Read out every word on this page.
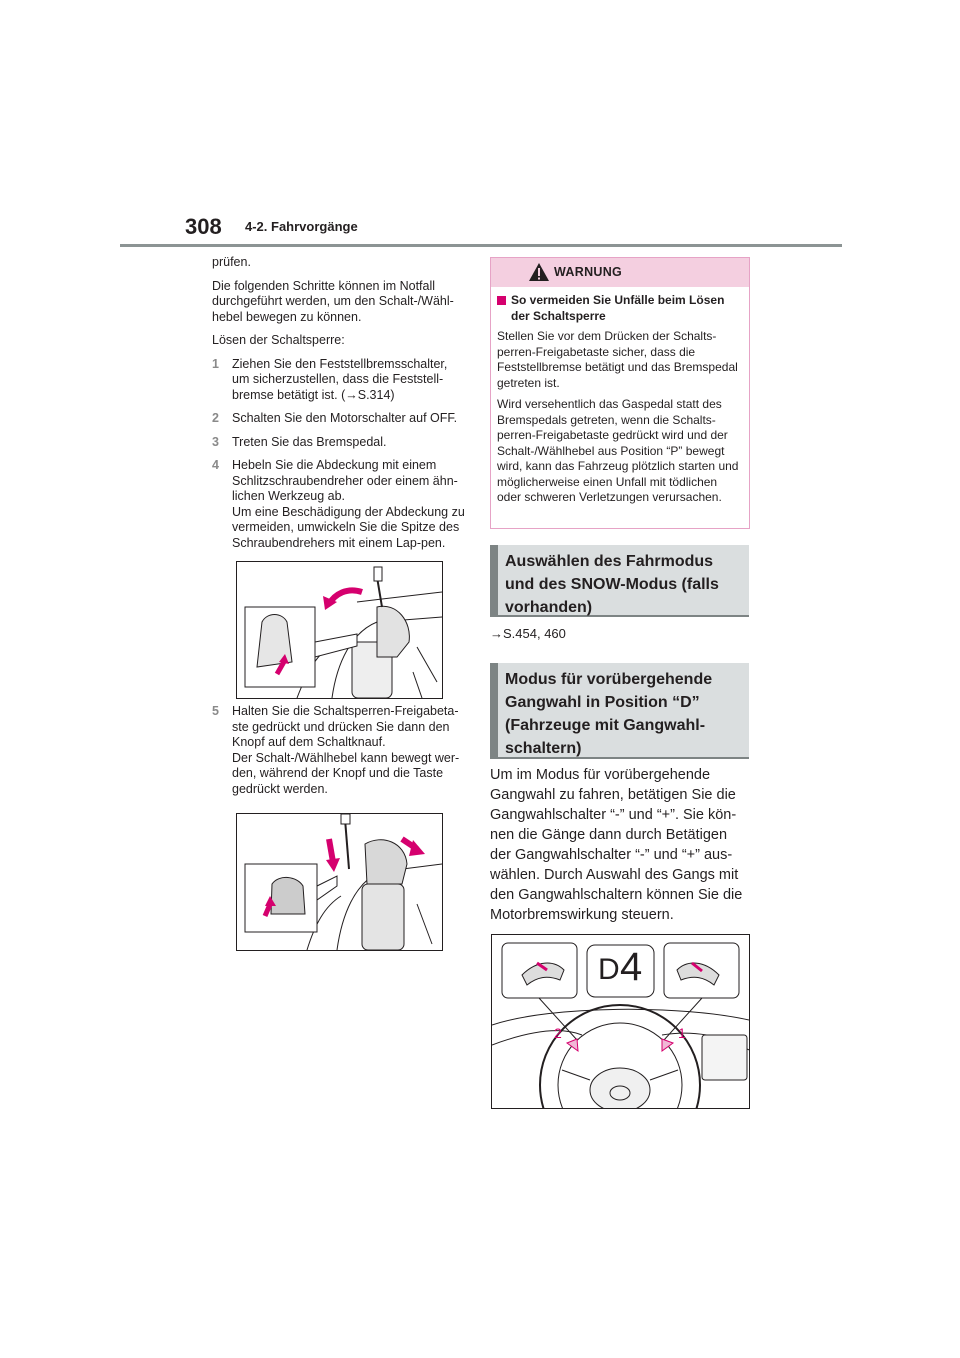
308 4-2. Fahrvorgänge

prüfen.

Die folgenden Schritte können im Notfall durchgeführt werden, um den Schalt-/Wähl-hebel bewegen zu können.

Lösen der Schaltsperre:

1 Ziehen Sie den Feststellbremsschalter, um sicherzustellen, dass die Feststell-bremse betätigt ist. (→S.314)
2 Schalten Sie den Motorschalter auf OFF.
3 Treten Sie das Bremspedal.
4 Hebeln Sie die Abdeckung mit einem Schlitzschraubendreher oder einem ähn-lichen Werkzeug ab.
Um eine Beschädigung der Abdeckung zu vermeiden, umwickeln Sie die Spitze des Schraubendrehers mit einem Lap-pen.
5 Halten Sie die Schaltsperren-Freigabeta-ste gedrückt und drücken Sie dann den Knopf auf dem Schaltknauf.
Der Schalt-/Wählhebel kann bewegt wer-den, während der Knopf und die Taste gedrückt werden.
WARNUNG

So vermeiden Sie Unfälle beim Lösen der Schaltsperre

Stellen Sie vor dem Drücken der Schalts-perren-Freigabetaste sicher, dass die Feststellbremse betätigt und das Bremspedal getreten ist.

Wird versehentlich das Gaspedal statt des Bremspedals getreten, wenn die Schalts-perren-Freigabetaste gedrückt wird und der Schalt-/Wählhebel aus Position “P” bewegt wird, kann das Fahrzeug plötzlich starten und möglicherweise einen Unfall mit tödlichen oder schweren Verletzungen verursachen.

Auswählen des Fahrmodus und des SNOW-Modus (falls vorhanden)
→S.454, 460
Modus für vorübergehende Gangwahl in Position “D” (Fahrzeuge mit Gangwahl-schaltern)
Um im Modus für vorübergehende Gangwahl zu fahren, betätigen Sie die Gangwahlschalter “-” und “+”. Sie kön-nen die Gänge dann durch Betätigen der Gangwahlschalter “-” und “+” aus-wählen. Durch Auswahl des Gangs mit den Gangwahlschaltern können Sie die Motorbremswirkung steuern.
D 4
2	1
